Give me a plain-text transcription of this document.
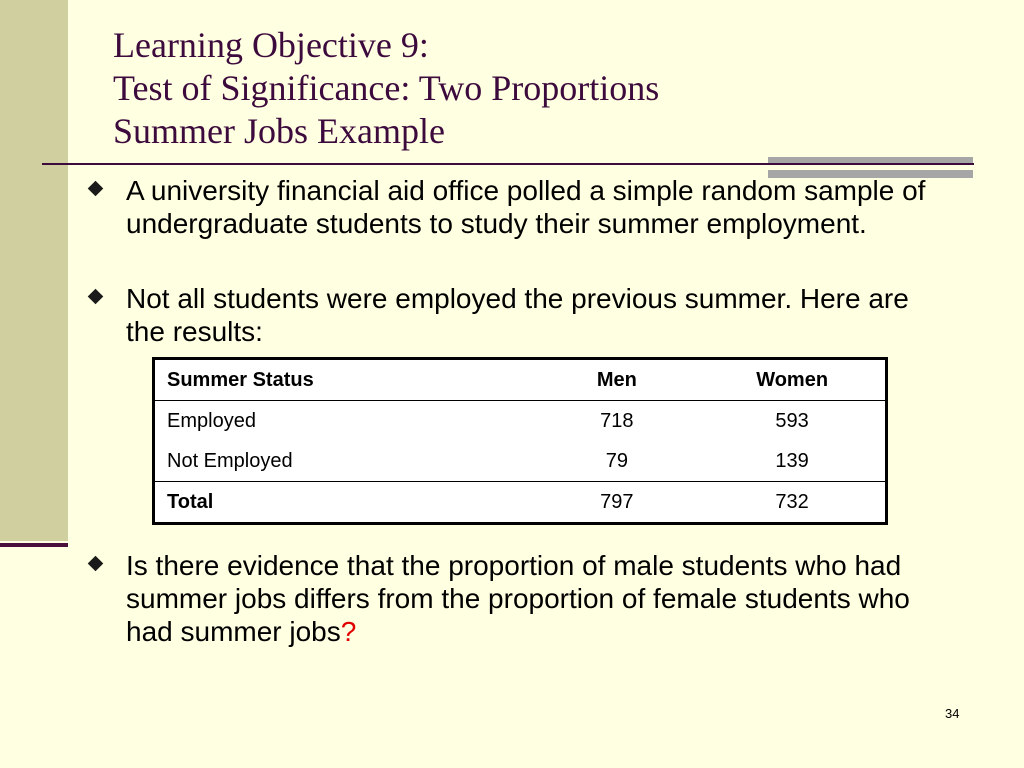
Learning Objective 9:
Test of Significance: Two Proportions
Summer Jobs Example
A university financial aid office polled a simple random sample of undergraduate students to study their summer employment.
Not all students were employed the previous summer. Here are the results:
Summer Status	Men	Women
Employed	718	593
Not Employed	79	139
Total	797	732
Is there evidence that the proportion of male students who had summer jobs differs from the proportion of female students who had summer jobs?
34
